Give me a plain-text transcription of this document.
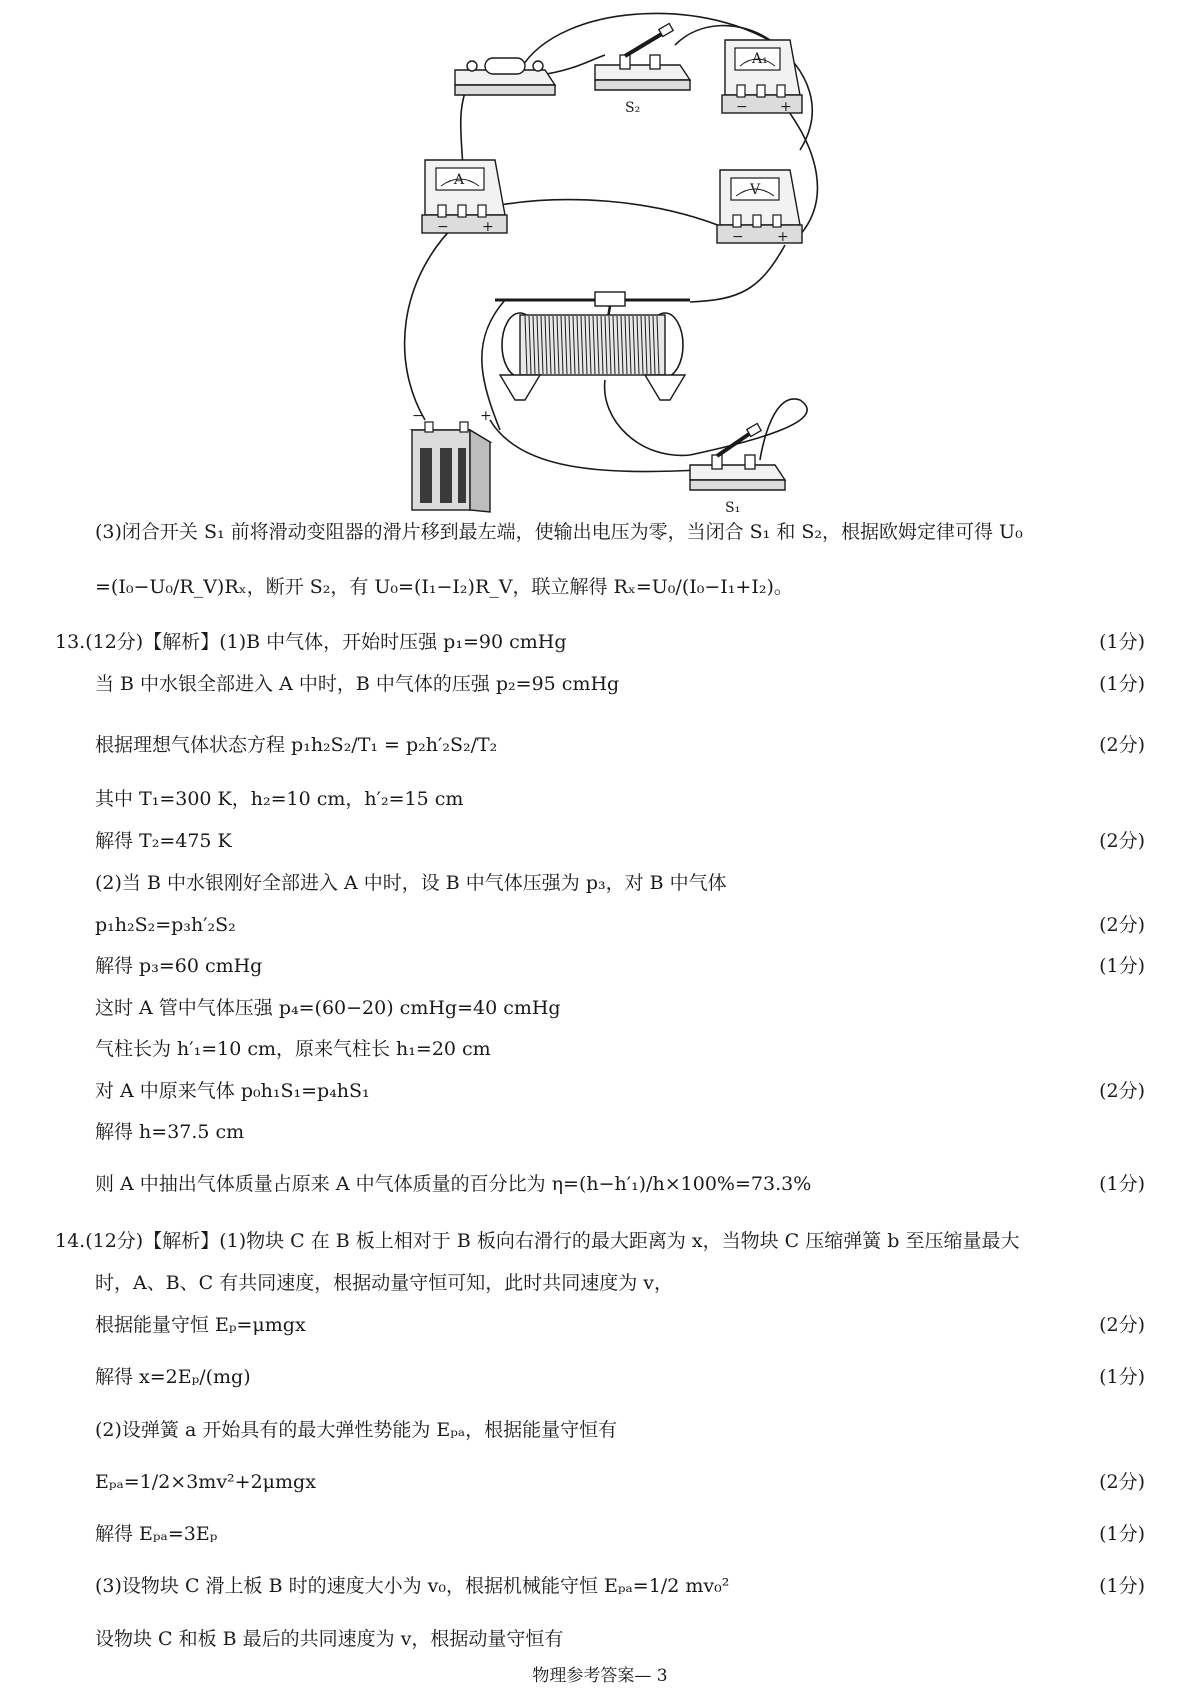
S₂
A₁
− +
A
− +
V
− +
−	+
S₁
(3)闭合开关 S₁ 前将滑动变阻器的滑片移到最左端，使输出电压为零，当闭合 S₁ 和 S₂，根据欧姆定律可得 U₀
=(I₀−U₀/R_V)Rₓ，断开 S₂，有 U₀=(I₁−I₂)R_V，联立解得 Rₓ=U₀/(I₀−I₁+I₂)。
13.(12分)【解析】(1)B 中气体，开始时压强 p₁=90 cmHg	(1分)
当 B 中水银全部进入 A 中时，B 中气体的压强 p₂=95 cmHg	(1分)
根据理想气体状态方程 p₁h₂S₂/T₁ = p₂h′₂S₂/T₂	(2分)
其中 T₁=300 K，h₂=10 cm，h′₂=15 cm
解得 T₂=475 K	(2分)
(2)当 B 中水银刚好全部进入 A 中时，设 B 中气体压强为 p₃，对 B 中气体
p₁h₂S₂=p₃h′₂S₂	(2分)
解得 p₃=60 cmHg	(1分)
这时 A 管中气体压强 p₄=(60−20) cmHg=40 cmHg
气柱长为 h′₁=10 cm，原来气柱长 h₁=20 cm
对 A 中原来气体 p₀h₁S₁=p₄hS₁	(2分)
解得 h=37.5 cm
则 A 中抽出气体质量占原来 A 中气体质量的百分比为 η=(h−h′₁)/h×100%=73.3%	(1分)
14.(12分)【解析】(1)物块 C 在 B 板上相对于 B 板向右滑行的最大距离为 x，当物块 C 压缩弹簧 b 至压缩量最大
时，A、B、C 有共同速度，根据动量守恒可知，此时共同速度为 v，
根据能量守恒 Eₚ=μmgx	(2分)
解得 x=2Eₚ/(mg)	(1分)
(2)设弹簧 a 开始具有的最大弹性势能为 Eₚₐ，根据能量守恒有
Eₚₐ=1/2×3mv²+2μmgx	(2分)
解得 Eₚₐ=3Eₚ	(1分)
(3)设物块 C 滑上板 B 时的速度大小为 v₀，根据机械能守恒 Eₚₐ=1/2 mv₀²	(1分)
设物块 C 和板 B 最后的共同速度为 v，根据动量守恒有
物理参考答案— 3
